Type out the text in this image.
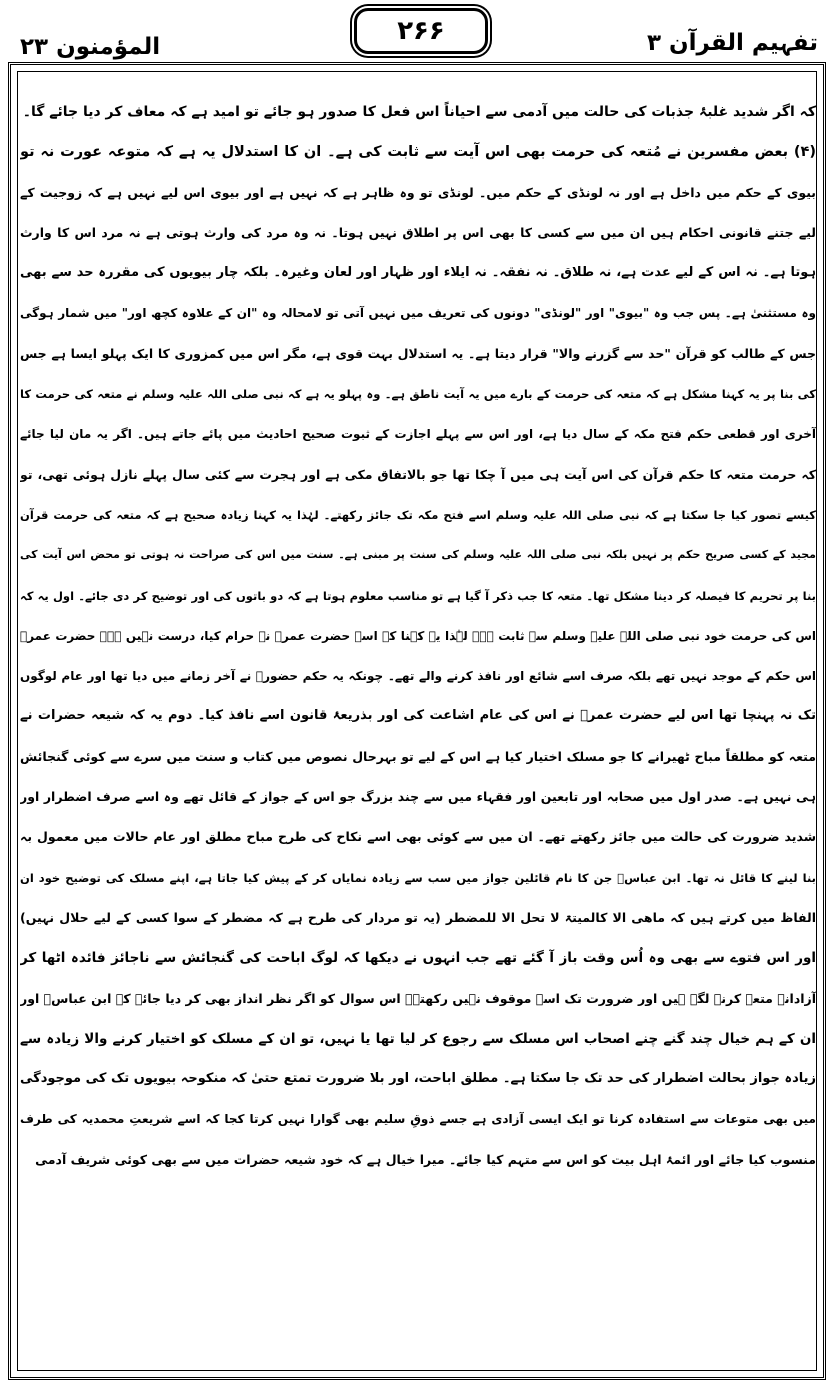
المؤمنون ۲۳
۲۶۶	تفہیم القرآن ۳
کہ اگر شدید غلبۂ جذبات کی حالت میں آدمی سے احیاناً اس فعل کا صدور ہو جائے تو امید ہے کہ معاف کر دیا جائے گا۔
(۴) بعض مفسرین نے مُتعہ کی حرمت بھی اس آیت سے ثابت کی ہے۔ ان کا استدلال یہ ہے کہ متوعہ عورت نہ تو
بیوی کے حکم میں داخل ہے اور نہ لونڈی کے حکم میں۔ لونڈی تو وہ ظاہر ہے کہ نہیں ہے اور بیوی اس لیے نہیں ہے کہ زوجیت کے
لیے جتنے قانونی احکام ہیں ان میں سے کسی کا بھی اس پر اطلاق نہیں ہوتا۔ نہ وہ مرد کی وارث ہوتی ہے نہ مرد اس کا وارث
ہوتا ہے۔ نہ اس کے لیے عدت ہے، نہ طلاق۔ نہ نفقہ۔ نہ ایلاء اور ظہار اور لعان وغیرہ۔ بلکہ چار بیویوں کی مقررہ حد سے بھی
وہ مستثنیٰ ہے۔ پس جب وہ "بیوی" اور "لونڈی" دونوں کی تعریف میں نہیں آتی تو لامحالہ وہ "ان کے علاوہ کچھ اور" میں شمار ہوگی
جس کے طالب کو قرآن "حد سے گزرنے والا" قرار دیتا ہے۔ یہ استدلال بہت قوی ہے، مگر اس میں کمزوری کا ایک پہلو ایسا ہے جس
کی بنا پر یہ کہنا مشکل ہے کہ متعہ کی حرمت کے بارے میں یہ آیت ناطق ہے۔ وہ پہلو یہ ہے کہ نبی صلی اللہ علیہ وسلم نے متعہ کی حرمت کا
آخری اور قطعی حکم فتح مکہ کے سال دیا ہے، اور اس سے پہلے اجازت کے ثبوت صحیح احادیث میں پائے جاتے ہیں۔ اگر یہ مان لیا جائے
کہ حرمت متعہ کا حکم قرآن کی اس آیت ہی میں آ چکا تھا جو بالاتفاق مکی ہے اور ہجرت سے کئی سال پہلے نازل ہوئی تھی، تو
کیسے تصور کیا جا سکتا ہے کہ نبی صلی اللہ علیہ وسلم اسے فتح مکہ تک جائز رکھتے۔ لہٰذا یہ کہنا زیادہ صحیح ہے کہ متعہ کی حرمت قرآن
مجید کے کسی صریح حکم پر نہیں بلکہ نبی صلی اللہ علیہ وسلم کی سنت پر مبنی ہے۔ سنت میں اس کی صراحت نہ ہوتی تو محض اس آیت کی
بنا پر تحریم کا فیصلہ کر دینا مشکل تھا۔ متعہ کا جب ذکر آ گیا ہے تو مناسب معلوم ہوتا ہے کہ دو باتوں کی اور توضیح کر دی جائے۔ اول یہ کہ
اس کی حرمت خود نبی صلی اللہ علیہ وسلم سے ثابت ہے۔ لہٰذا یہ کہنا کہ اسے حضرت عمرؓ نے حرام کیا، درست نہیں ہے۔ حضرت عمرؓ
اس حکم کے موجد نہیں تھے بلکہ صرف اسے شائع اور نافذ کرنے والے تھے۔ چونکہ یہ حکم حضورؐ نے آخر زمانے میں دیا تھا اور عام لوگوں
تک نہ پہنچا تھا اس لیے حضرت عمرؓ نے اس کی عام اشاعت کی اور بذریعۂ قانون اسے نافذ کیا۔ دوم یہ کہ شیعہ حضرات نے
متعہ کو مطلقاً مباح ٹھیرانے کا جو مسلک اختیار کیا ہے اس کے لیے تو بہرحال نصوص میں کتاب و سنت میں سرے سے کوئی گنجائش
ہی نہیں ہے۔ صدر اول میں صحابہ اور تابعین اور فقہاء میں سے چند بزرگ جو اس کے جواز کے قائل تھے وہ اسے صرف اضطرار اور
شدید ضرورت کی حالت میں جائز رکھتے تھے۔ ان میں سے کوئی بھی اسے نکاح کی طرح مباح مطلق اور عام حالات میں معمول بہ
بنا لینے کا قائل نہ تھا۔ ابن عباسؓ جن کا نام قائلین جواز میں سب سے زیادہ نمایاں کر کے پیش کیا جاتا ہے، اپنے مسلک کی توضیح خود ان
الفاظ میں کرتے ہیں کہ ماھی الا کالمیتۃ لا تحل الا للمضطر (یہ تو مردار کی طرح ہے کہ مضطر کے سوا کسی کے لیے حلال نہیں)
اور اس فتوے سے بھی وہ اُس وقت باز آ گئے تھے جب انہوں نے دیکھا کہ لوگ اباحت کی گنجائش سے ناجائز فائدہ اٹھا کر
آزادانہ متعہ کرنے لگے ہیں اور ضرورت تک اسے موقوف نہیں رکھتے۔ اس سوال کو اگر نظر انداز بھی کر دیا جائے کہ ابن عباسؓ اور
ان کے ہم خیال چند گنے چنے اصحاب اس مسلک سے رجوع کر لیا تھا یا نہیں، تو ان کے مسلک کو اختیار کرنے والا زیادہ سے
زیادہ جواز بحالت اضطرار کی حد تک جا سکتا ہے۔ مطلق اباحت، اور بلا ضرورت تمتع حتیٰ کہ منکوحہ بیویوں تک کی موجودگی
میں بھی متوعات سے استفادہ کرنا تو ایک ایسی آزادی ہے جسے ذوقِ سلیم بھی گوارا نہیں کرتا کجا کہ اسے شریعتِ محمدیہ کی طرف
منسوب کیا جائے اور ائمۂ اہل بیت کو اس سے متہم کیا جائے۔ میرا خیال ہے کہ خود شیعہ حضرات میں سے بھی کوئی شریف آدمی
